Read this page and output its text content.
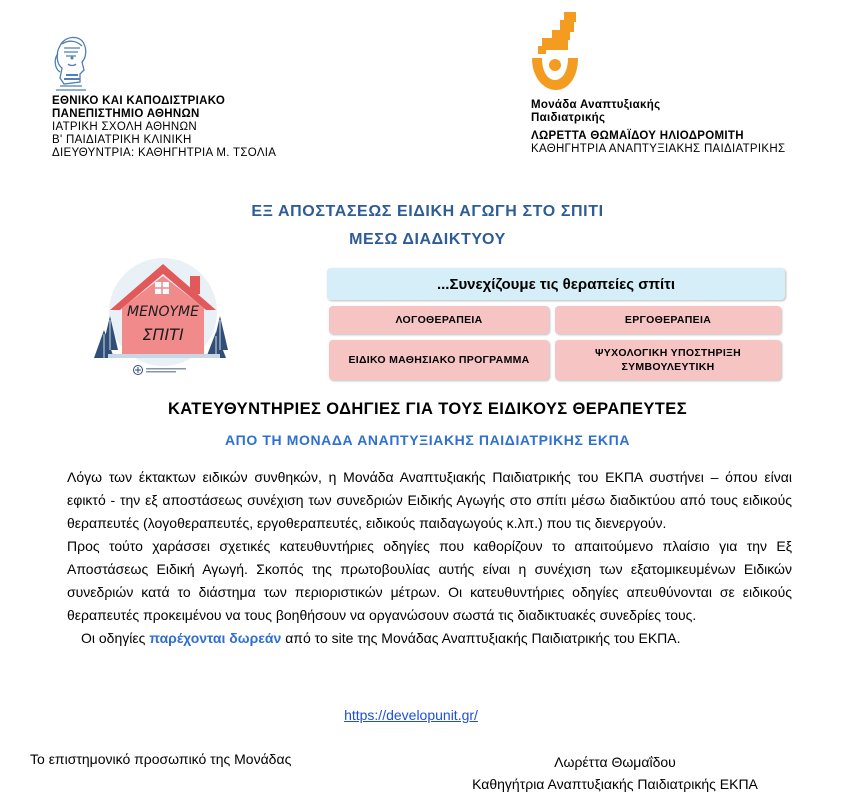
ΕΘΝΙΚΟ ΚΑΙ ΚΑΠΟΔΙΣΤΡΙΑΚΟ
ΠΑΝΕΠΙΣΤΗΜΙΟ ΑΘΗΝΩΝ
ΙΑΤΡΙΚΗ ΣΧΟΛΗ ΑΘΗΝΩΝ
Β' ΠΑΙΔΙΑΤΡΙΚΗ ΚΛΙΝΙΚΗ
ΔΙΕΥΘΥΝΤΡΙΑ: ΚΑΘΗΓΗΤΡΙΑ Μ. ΤΣΟΛΙΑ
Μονάδα Αναπτυξιακής
Παιδιατρικής
ΛΩΡΕΤΤΑ ΘΩΜΑΪΔΟΥ ΗΛΙΟΔΡΟΜΙΤΗ
ΚΑΘΗΓΗΤΡΙΑ ΑΝΑΠΤΥΞΙΑΚΗΣ ΠΑΙΔΙΑΤΡΙΚΗΣ
ΕΞ ΑΠΟΣΤΑΣΕΩΣ ΕΙΔΙΚΗ ΑΓΩΓΗ ΣΤΟ ΣΠΙΤΙ
ΜΕΣΩ ΔΙΑΔΙΚΤΥΟΥ
ΜΕΝΟΥΜΕ
ΣΠΙΤΙ
...Συνεχίζουμε τις θεραπείες σπίτι
ΛΟΓΟΘΕΡΑΠΕΙΑ	ΕΡΓΟΘΕΡΑΠΕΙΑ
ΕΙΔΙΚΟ ΜΑΘΗΣΙΑΚΟ ΠΡΟΓΡΑΜΜΑ
ΨΥΧΟΛΟΓΙΚΗ ΥΠΟΣΤΗΡΙΞΗ ΣΥΜΒΟΥΛΕΥΤΙΚΗ
ΚΑΤΕΥΘΥΝΤΗΡΙΕΣ ΟΔΗΓΙΕΣ ΓΙΑ ΤΟΥΣ ΕΙΔΙΚΟΥΣ ΘΕΡΑΠΕΥΤΕΣ
ΑΠΟ ΤΗ ΜΟΝΑΔΑ ΑΝΑΠΤΥΞΙΑΚΗΣ ΠΑΙΔΙΑΤΡΙΚΗΣ ΕΚΠΑ

Λόγω των έκτακτων ειδικών συνθηκών, η Μονάδα Αναπτυξιακής Παιδιατρικής του ΕΚΠΑ συστήνει – όπου είναι εφικτό - την εξ αποστάσεως συνέχιση των συνεδριών Ειδικής Αγωγής στο σπίτι μέσω διαδικτύου από τους ειδικούς θεραπευτές (λογοθεραπευτές, εργοθεραπευτές, ειδικούς παιδαγωγούς κ.λπ.) που τις διενεργούν.

Προς τούτο χαράσσει σχετικές κατευθυντήριες οδηγίες που καθορίζουν το απαιτούμενο πλαίσιο για την Εξ Αποστάσεως Ειδική Αγωγή. Σκοπός της πρωτοβουλίας αυτής είναι η συνέχιση των εξατομικευμένων Ειδικών συνεδριών κατά το διάστημα των περιοριστικών μέτρων. Οι κατευθυντήριες οδηγίες απευθύνονται σε ειδικούς θεραπευτές προκειμένου να τους βοηθήσουν να οργανώσουν σωστά τις διαδικτυακές συνεδρίες τους.

Οι οδηγίες παρέχονται δωρεάν από το site της Μονάδας Αναπτυξιακής Παιδιατρικής του ΕΚΠΑ.

https://developunit.gr/
Το επιστημονικό προσωπικό της Μονάδας	Λωρέττα Θωμαΐδου
Καθηγήτρια Αναπτυξιακής Παιδιατρικής ΕΚΠΑ
